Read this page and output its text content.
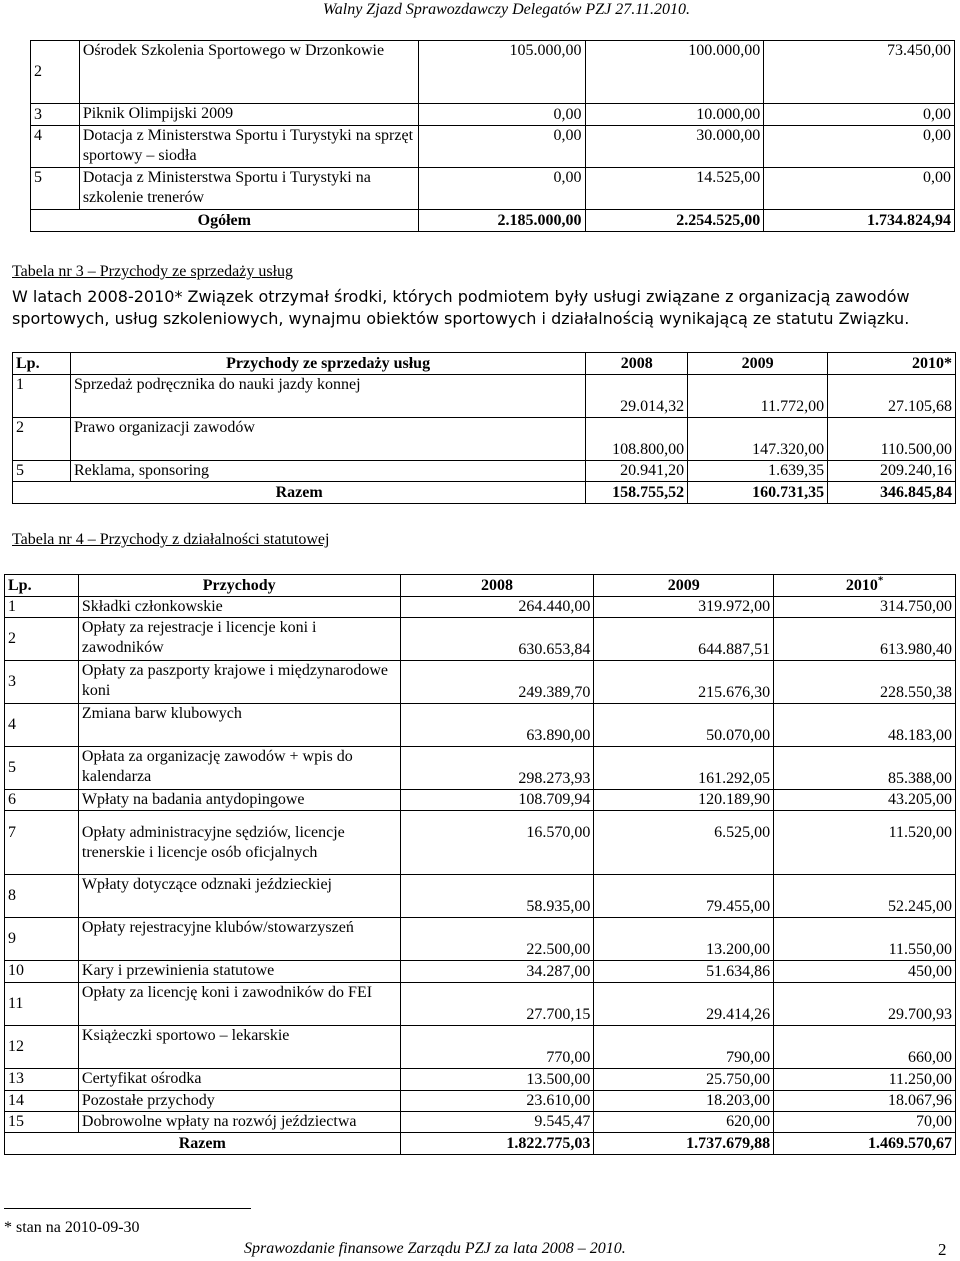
Walny Zjazd Sprawozdawczy Delegatów PZJ 27.11.2010.
2	Ośrodek Szkolenia Sportowego w Drzonkowie	105.000,00	100.000,00	73.450,00
3	Piknik Olimpijski 2009	0,00	10.000,00	0,00
4	Dotacja z Ministerstwa Sportu i Turystyki na sprzęt sportowy – siodła	0,00	30.000,00	0,00
5	Dotacja z Ministerstwa Sportu i Turystyki na szkolenie trenerów	0,00	14.525,00	0,00
Ogółem		2.185.000,00	2.254.525,00	1.734.824,94
Tabela nr 3 – Przychody ze sprzedaży usług
W latach 2008-2010* Związek otrzymał środki, których podmiotem były usługi związane z organizacją zawodów sportowych, usług szkoleniowych, wynajmu obiektów sportowych i działalnością wynikającą ze statutu Związku.
Lp.	Przychody ze sprzedaży usług	2008	2009	2010*
1	Sprzedaż podręcznika do nauki jazdy konnej	29.014,32	11.772,00	27.105,68
2	Prawo organizacji zawodów	108.800,00	147.320,00	110.500,00
5	Reklama, sponsoring	20.941,20	1.639,35	209.240,16
Razem		158.755,52	160.731,35	346.845,84
Tabela nr 4 – Przychody z działalności statutowej
Lp.	Przychody	2008	2009	2010*
1	Składki członkowskie	264.440,00	319.972,00	314.750,00
2	Opłaty za rejestracje i licencje koni i zawodników	630.653,84	644.887,51	613.980,40
3	Opłaty za paszporty krajowe i międzynarodowe koni	249.389,70	215.676,30	228.550,38
4	Zmiana barw klubowych	63.890,00	50.070,00	48.183,00
5	Opłata za organizację zawodów + wpis do kalendarza	298.273,93	161.292,05	85.388,00
6	Wpłaty na badania antydopingowe	108.709,94	120.189,90	43.205,00
7	Opłaty administracyjne sędziów, licencje trenerskie i licencje osób oficjalnych	16.570,00	6.525,00	11.520,00
8	Wpłaty dotyczące odznaki jeździeckiej	58.935,00	79.455,00	52.245,00
9	Opłaty rejestracyjne klubów/stowarzyszeń	22.500,00	13.200,00	11.550,00
10	Kary i przewinienia statutowe	34.287,00	51.634,86	450,00
11	Opłaty za licencję koni i zawodników do FEI	27.700,15	29.414,26	29.700,93
12	Książeczki sportowo – lekarskie	770,00	790,00	660,00
13	Certyfikat ośrodka	13.500,00	25.750,00	11.250,00
14	Pozostałe przychody	23.610,00	18.203,00	18.067,96
15	Dobrowolne wpłaty na rozwój jeździectwa	9.545,47	620,00	70,00
Razem		1.822.775,03	1.737.679,88	1.469.570,67
* stan na 2010-09-30
Sprawozdanie finansowe Zarządu PZJ za lata 2008 – 2010.	2
